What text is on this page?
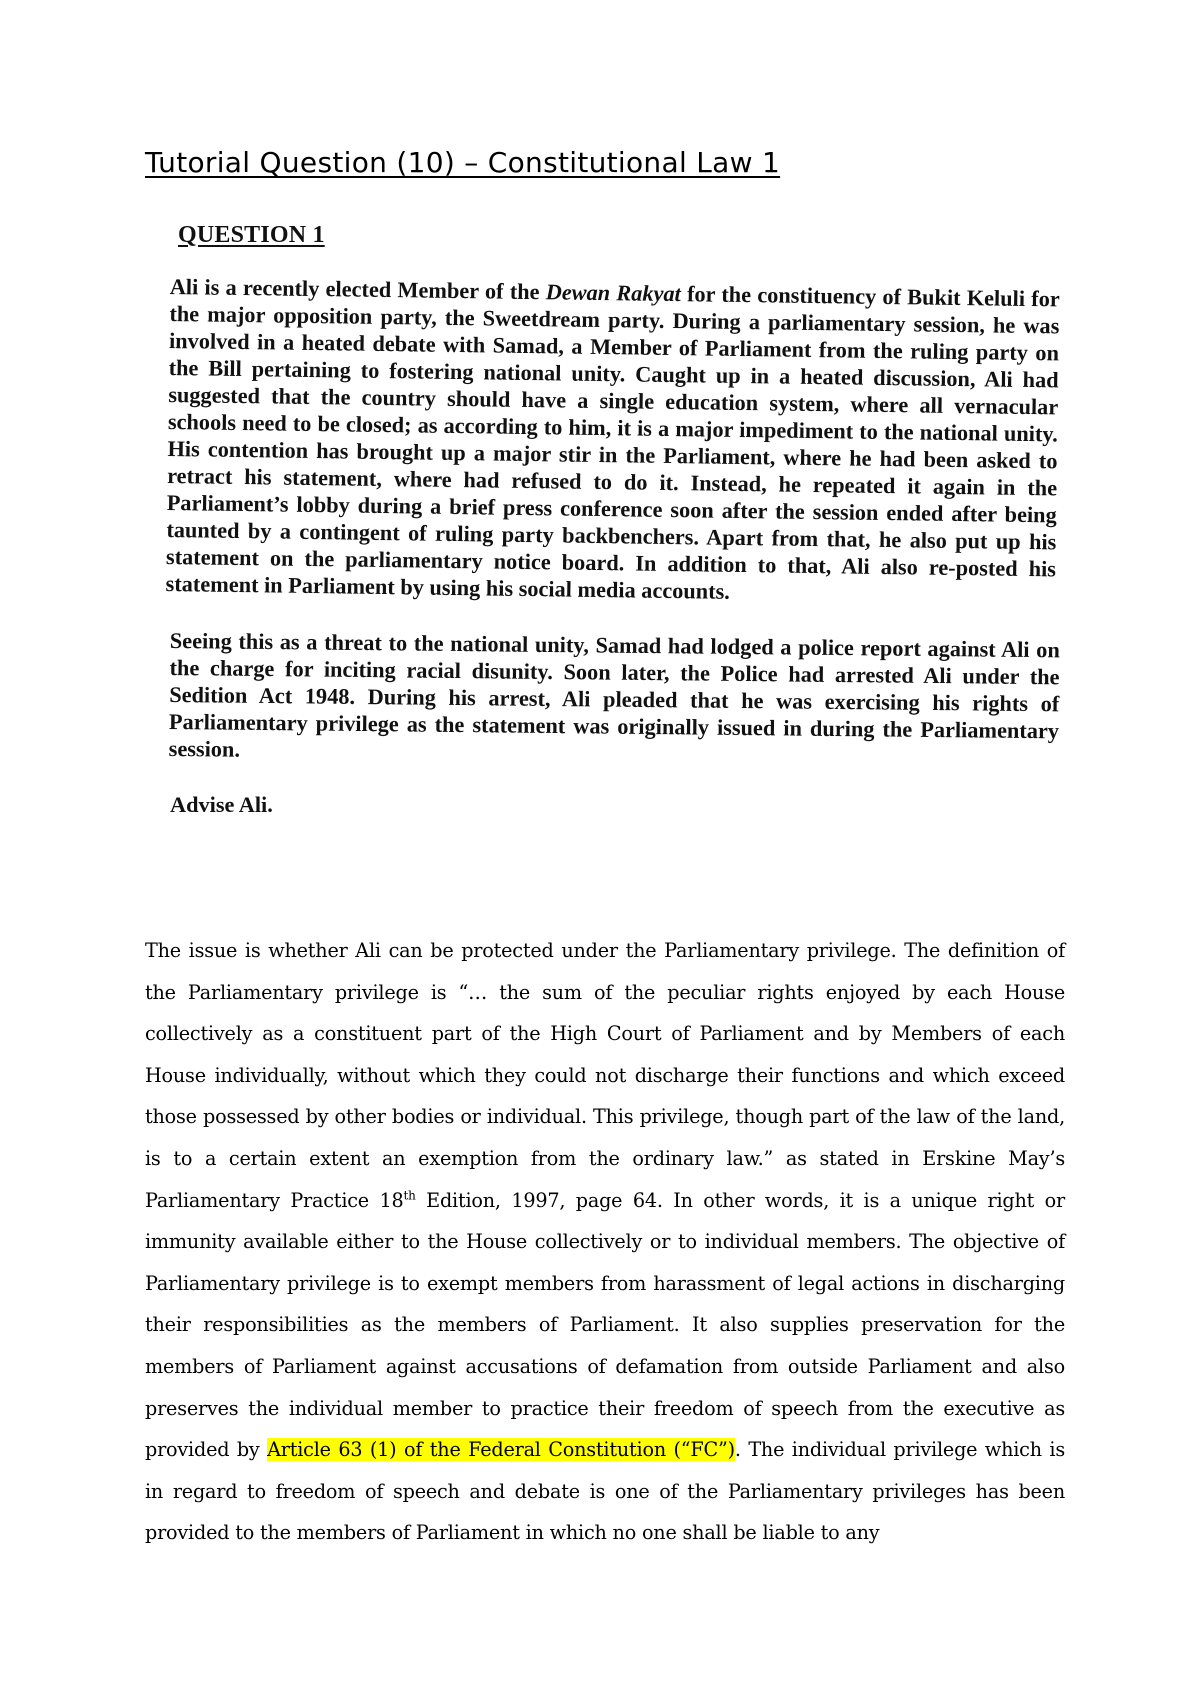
Tutorial Question (10) – Constitutional Law 1
QUESTION 1

Ali is a recently elected Member of the Dewan Rakyat for the constituency of Bukit Keluli for the major opposition party, the Sweetdream party. During a parliamentary session, he was involved in a heated debate with Samad, a Member of Parliament from the ruling party on the Bill pertaining to fostering national unity. Caught up in a heated discussion, Ali had suggested that the country should have a single education system, where all vernacular schools need to be closed; as according to him, it is a major impediment to the national unity. His contention has brought up a major stir in the Parliament, where he had been asked to retract his statement, where had refused to do it. Instead, he repeated it again in the Parliament’s lobby during a brief press conference soon after the session ended after being taunted by a contingent of ruling party backbenchers. Apart from that, he also put up his statement on the parliamentary notice board. In addition to that, Ali also re-posted his statement in Parliament by using his social media accounts.

Seeing this as a threat to the national unity, Samad had lodged a police report against Ali on the charge for inciting racial disunity. Soon later, the Police had arrested Ali under the Sedition Act 1948. During his arrest, Ali pleaded that he was exercising his rights of Parliamentary privilege as the statement was originally issued in during the Parliamentary session.

Advise Ali.

The issue is whether Ali can be protected under the Parliamentary privilege. The definition of the Parliamentary privilege is “… the sum of the peculiar rights enjoyed by each House collectively as a constituent part of the High Court of Parliament and by Members of each House individually, without which they could not discharge their functions and which exceed those possessed by other bodies or individual. This privilege, though part of the law of the land, is to a certain extent an exemption from the ordinary law.” as stated in Erskine May’s Parliamentary Practice 18th Edition, 1997, page 64. In other words, it is a unique right or immunity available either to the House collectively or to individual members. The objective of Parliamentary privilege is to exempt members from harassment of legal actions in discharging their responsibilities as the members of Parliament. It also supplies preservation for the members of Parliament against accusations of defamation from outside Parliament and also preserves the individual member to practice their freedom of speech from the executive as provided by Article 63 (1) of the Federal Constitution (“FC”). The individual privilege which is in regard to freedom of speech and debate is one of the Parliamentary privileges has been provided to the members of Parliament in which no one shall be liable to any
